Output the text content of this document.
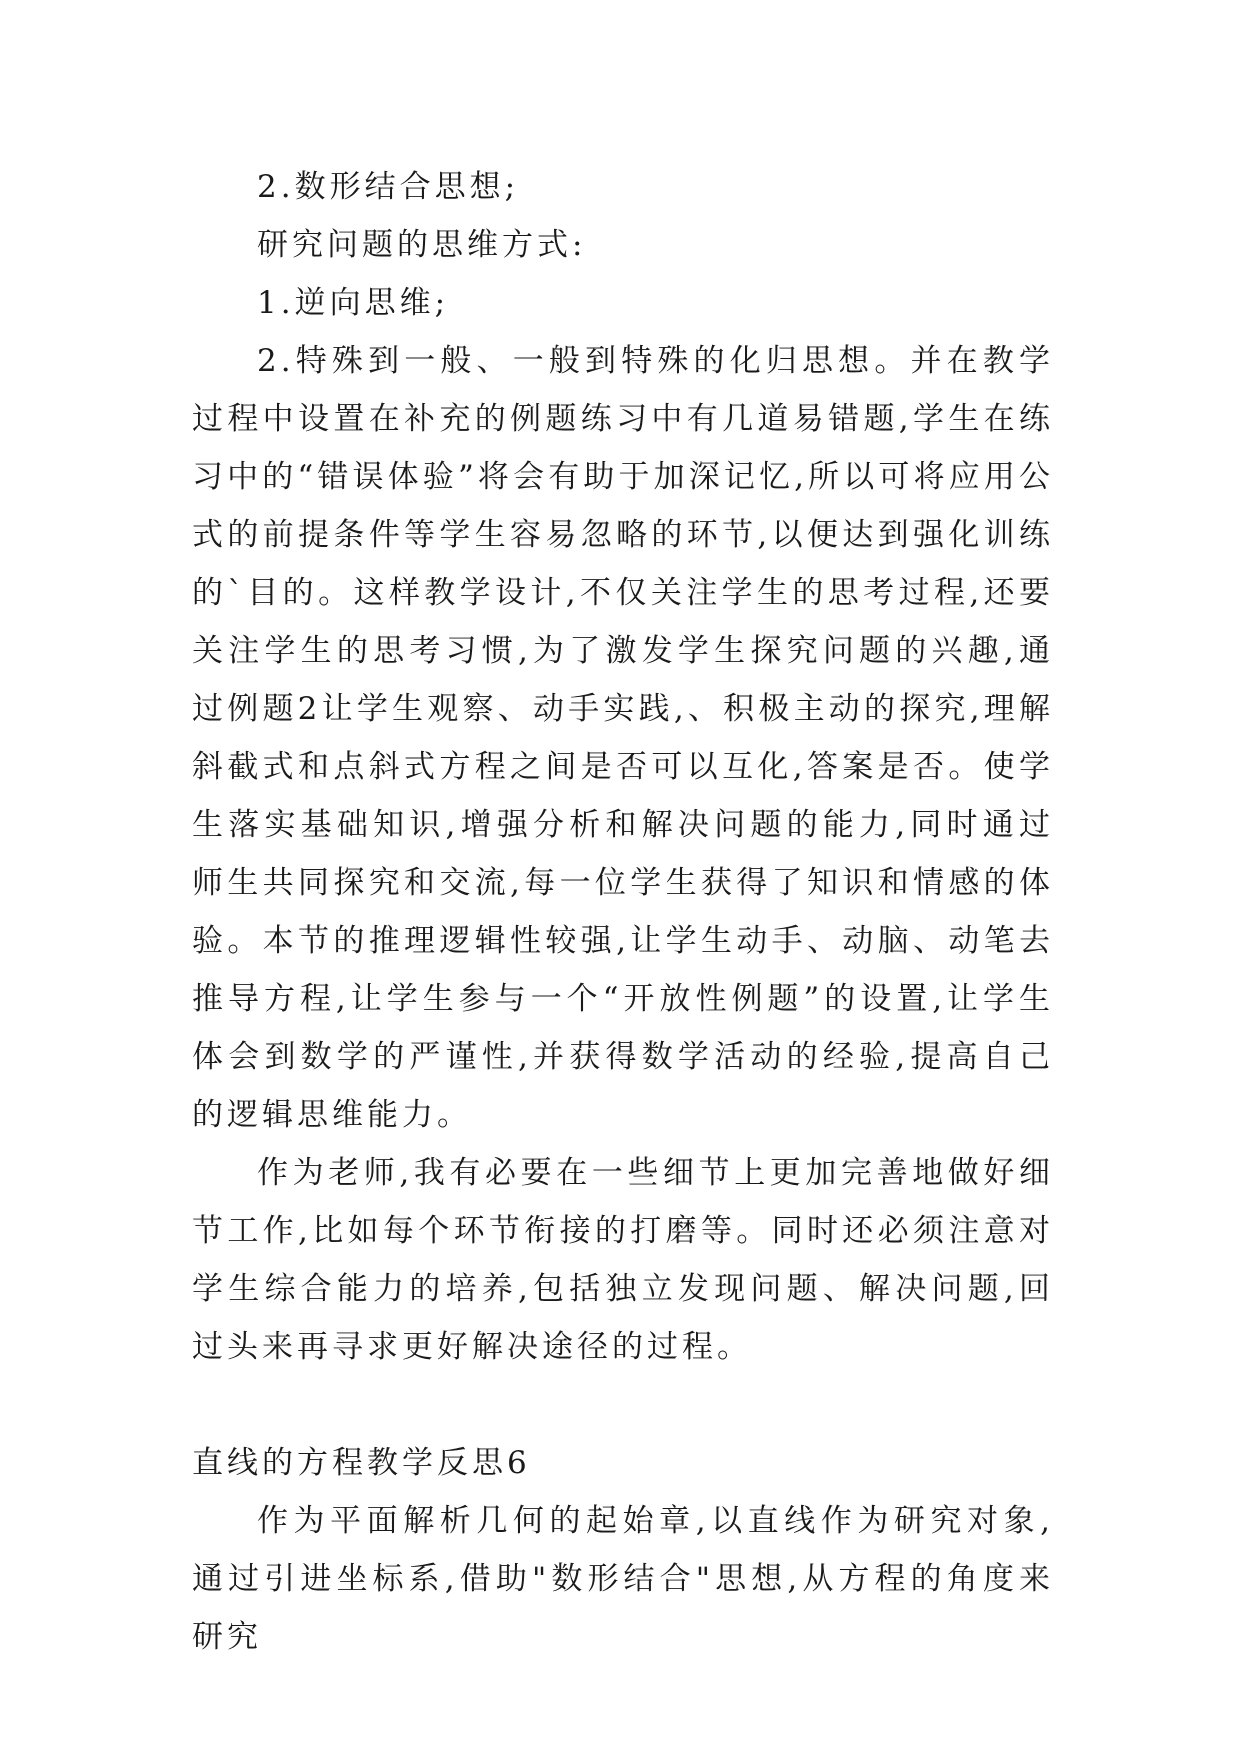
2.数形结合思想;

研究问题的思维方式:

1.逆向思维;

2.特殊到一般、一般到特殊的化归思想。并在教学过程中设置在补充的例题练习中有几道易错题,学生在练习中的“错误体验”将会有助于加深记忆,所以可将应用公式的前提条件等学生容易忽略的环节,以便达到强化训练的`目的。这样教学设计,不仅关注学生的思考过程,还要关注学生的思考习惯,为了激发学生探究问题的兴趣,通过例题2让学生观察、动手实践,、积极主动的探究,理解斜截式和点斜式方程之间是否可以互化,答案是否。使学生落实基础知识,增强分析和解决问题的能力,同时通过师生共同探究和交流,每一位学生获得了知识和情感的体验。本节的推理逻辑性较强,让学生动手、动脑、动笔去推导方程,让学生参与一个“开放性例题”的设置,让学生体会到数学的严谨性,并获得数学活动的经验,提高自己的逻辑思维能力。

作为老师,我有必要在一些细节上更加完善地做好细节工作,比如每个环节衔接的打磨等。同时还必须注意对学生综合能力的培养,包括独立发现问题、解决问题,回过头来再寻求更好解决途径的过程。

直线的方程教学反思6

作为平面解析几何的起始章,以直线作为研究对象,通过引进坐标系,借助"数形结合"思想,从方程的角度来研究
